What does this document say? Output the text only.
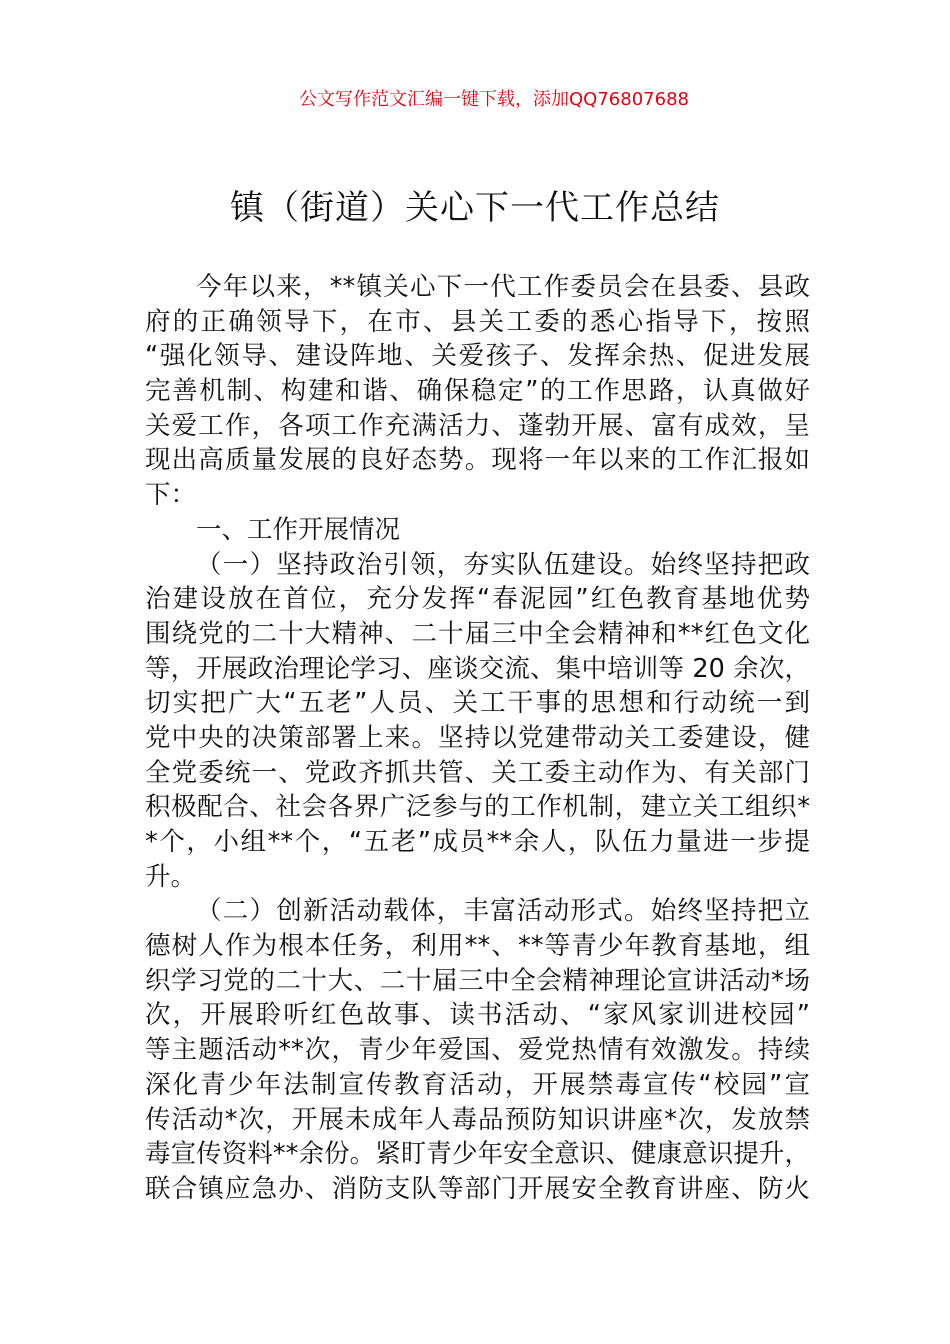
公文写作范文汇编一键下载，添加QQ76807688
镇（街道）关心下一代工作总结
今年以来，**镇关心下一代工作委员会在县委、县政
府的正确领导下，在市、县关工委的悉心指导下，按照
“强化领导、建设阵地、关爱孩子、发挥余热、促进发展
完善机制、构建和谐、确保稳定”的工作思路，认真做好
关爱工作，各项工作充满活力、蓬勃开展、富有成效，呈
现出高质量发展的良好态势。现将一年以来的工作汇报如
下：
一、工作开展情况
（一）坚持政治引领，夯实队伍建设。始终坚持把政
治建设放在首位，充分发挥“春泥园”红色教育基地优势
围绕党的二十大精神、二十届三中全会精神和**红色文化
等，开展政治理论学习、座谈交流、集中培训等 20 余次，
切实把广大“五老”人员、关工干事的思想和行动统一到
党中央的决策部署上来。坚持以党建带动关工委建设，健
全党委统一、党政齐抓共管、关工委主动作为、有关部门
积极配合、社会各界广泛参与的工作机制，建立关工组织*
*个，小组**个，“五老”成员**余人，队伍力量进一步提
升。
（二）创新活动载体，丰富活动形式。始终坚持把立
德树人作为根本任务，利用**、**等青少年教育基地，组
织学习党的二十大、二十届三中全会精神理论宣讲活动*场
次，开展聆听红色故事、读书活动、“家风家训进校园”
等主题活动**次，青少年爱国、爱党热情有效激发。持续
深化青少年法制宣传教育活动，开展禁毒宣传“校园”宣
传活动*次，开展未成年人毒品预防知识讲座*次，发放禁
毒宣传资料**余份。紧盯青少年安全意识、健康意识提升，
联合镇应急办、消防支队等部门开展安全教育讲座、防火
